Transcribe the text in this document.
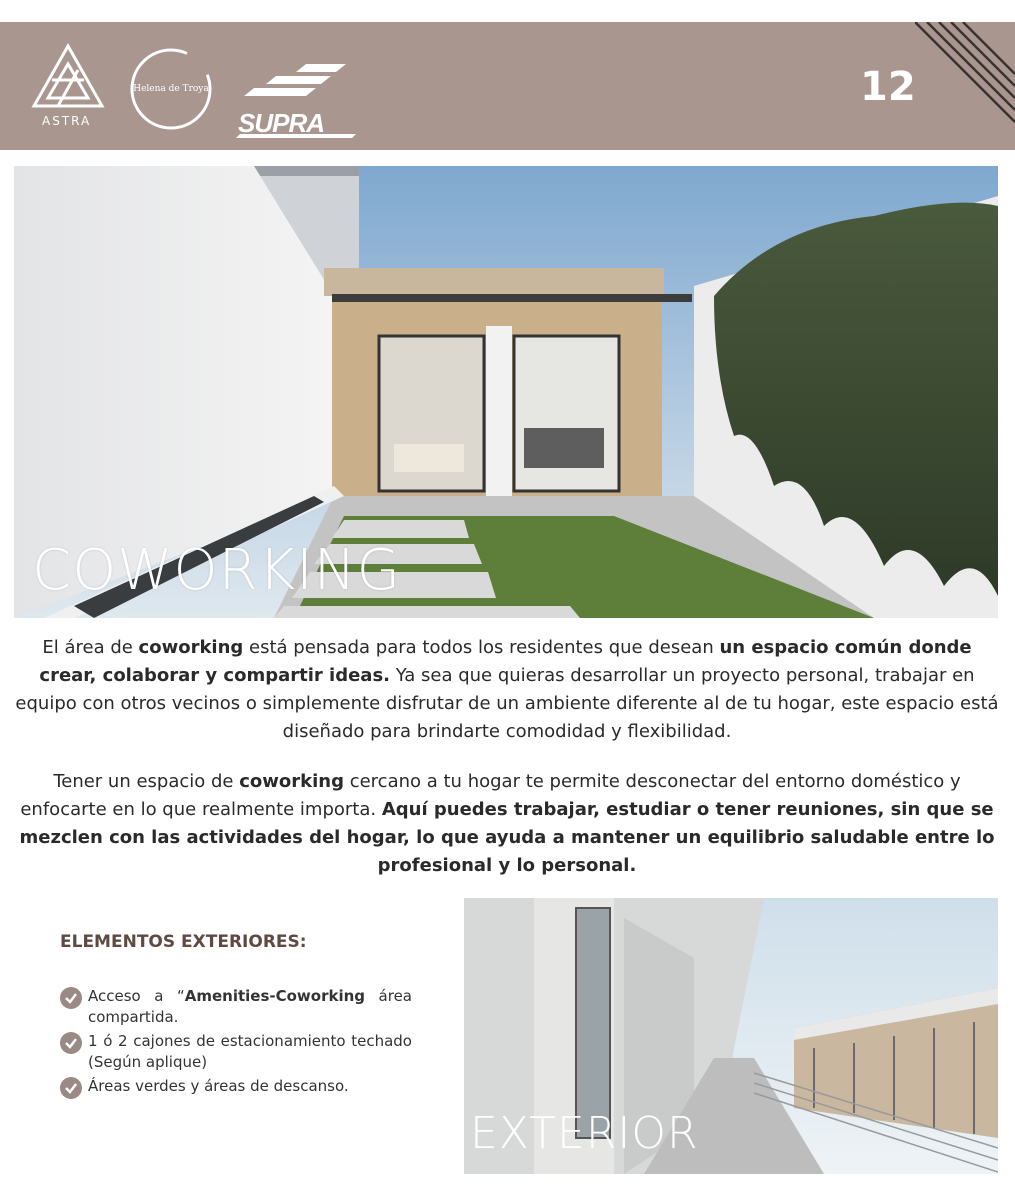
ASTRA
Helena de Troya
SUPRA
12
COWORKING

El área de coworking está pensada para todos los residentes que desean un espacio común donde crear, colaborar y compartir ideas. Ya sea que quieras desarrollar un proyecto personal, trabajar en equipo con otros vecinos o simplemente disfrutar de un ambiente diferente al de tu hogar, este espacio está diseñado para brindarte comodidad y flexibilidad.

Tener un espacio de coworking cercano a tu hogar te permite desconectar del entorno doméstico y enfocarte en lo que realmente importa. Aquí puedes trabajar, estudiar o tener reuniones, sin que se mezclen con las actividades del hogar, lo que ayuda a mantener un equilibrio saludable entre lo profesional y lo personal.

ELEMENTOS EXTERIORES:
Acceso a “Amenities-Coworking área compartida.
1 ó 2 cajones de estacionamiento techado (Según aplique)
Áreas verdes y áreas de descanso.
EXTERIOR
